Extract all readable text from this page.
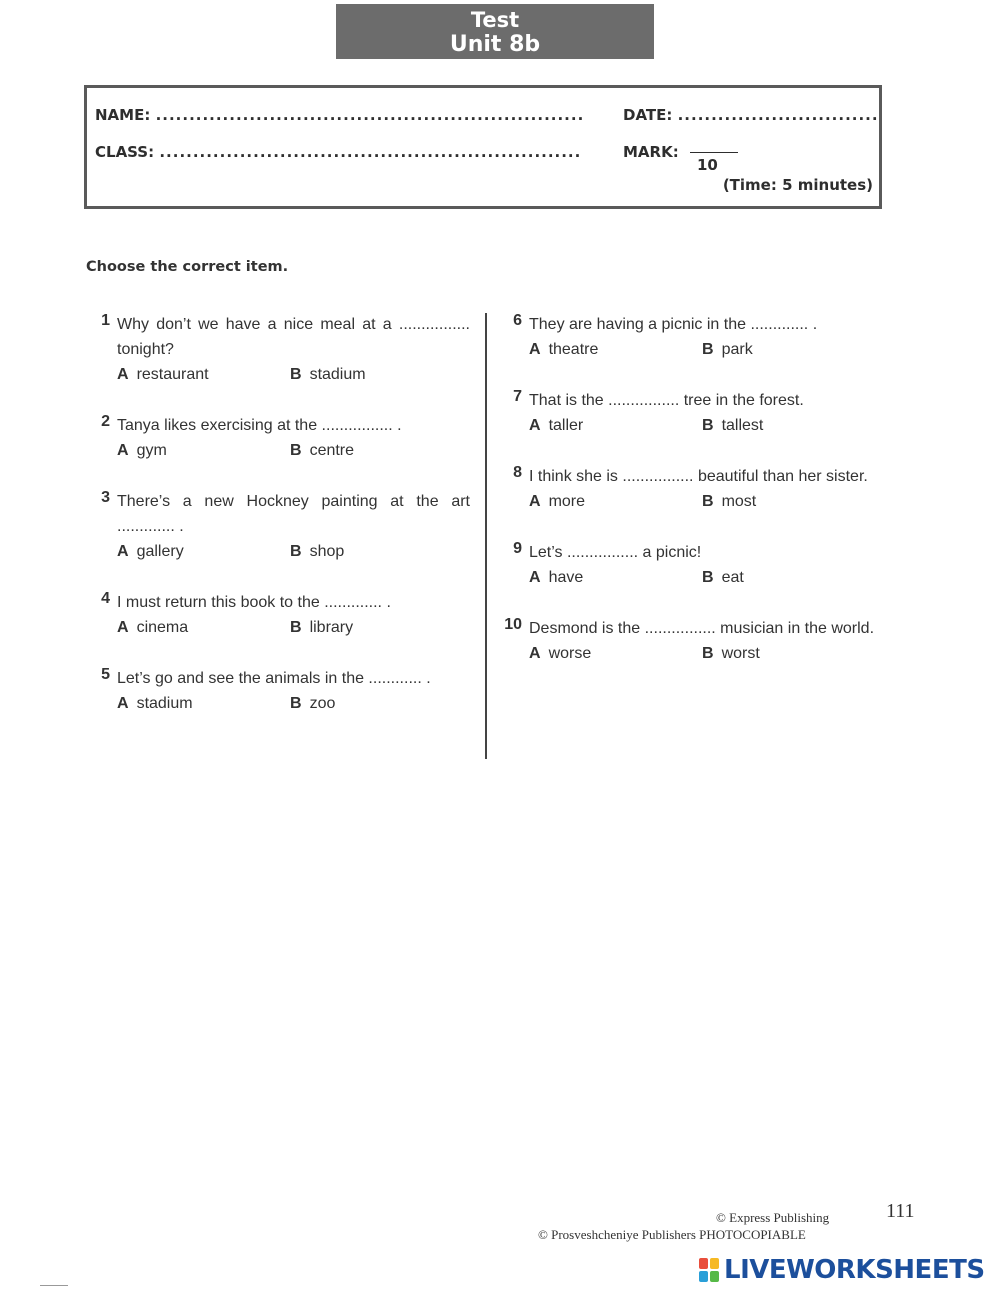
Test
Unit 8b
NAME: ................................................................
CLASS: ...............................................................
DATE: ..............................
MARK:
10
(Time: 5 minutes)
Choose the correct item.
1 Why don’t we have a nice meal at a ................ tonight?
A restaurant	B stadium
2 Tanya likes exercising at the ................ .
A gym	B centre
3 There’s a new Hockney painting at the art ............. .
A gallery	B shop
4 I must return this book to the ............. .
A cinema	B library
5 Let’s go and see the animals in the ............ .
A stadium	B zoo
6 They are having a picnic in the ............. .
A theatre	B park
7 That is the ................ tree in the forest.
A taller	B tallest
8 I think she is ................ beautiful than her sister.
A more	B most
9 Let’s ................ a picnic!
A have	B eat
10 Desmond is the ................ musician in the world.
A worse	B worst
© Express Publishing
© Prosveshcheniye Publishers PHOTOCOPIABLE
111
LIVEWORKSHEETS
